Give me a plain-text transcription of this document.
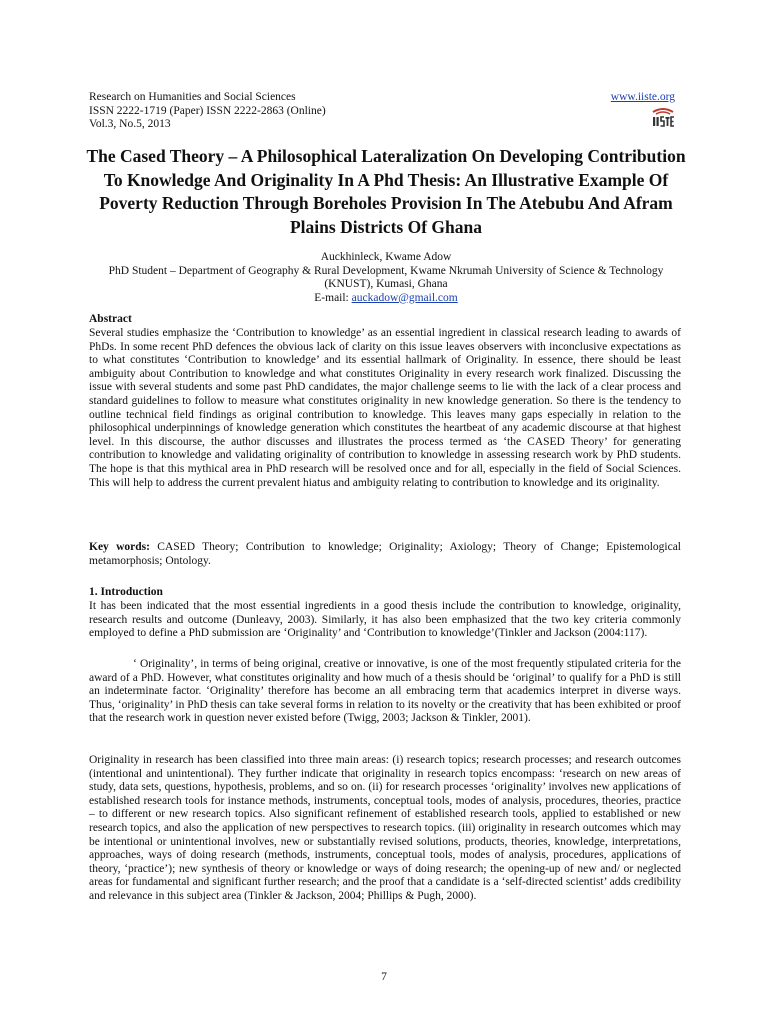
Research on Humanities and Social Sciences
ISSN 2222-1719 (Paper) ISSN 2222-2863 (Online)
Vol.3, No.5, 2013
www.iiste.org
The Cased Theory – A Philosophical Lateralization On Developing Contribution To Knowledge And Originality In A Phd Thesis: An Illustrative Example Of Poverty Reduction Through Boreholes Provision In The Atebubu And Afram Plains Districts Of Ghana
Auckhinleck, Kwame Adow
PhD Student – Department of Geography & Rural Development, Kwame Nkrumah University of Science & Technology (KNUST), Kumasi, Ghana
E-mail: auckadow@gmail.com
Abstract
Several studies emphasize the ‘Contribution to knowledge’ as an essential ingredient in classical research leading to awards of PhDs. In some recent PhD defences the obvious lack of clarity on this issue leaves observers with inconclusive expectations as to what constitutes ‘Contribution to knowledge’ and its essential hallmark of Originality. In essence, there should be least ambiguity about Contribution to knowledge and what constitutes Originality in every research work finalized. Discussing the issue with several students and some past PhD candidates, the major challenge seems to lie with the lack of a clear process and standard guidelines to follow to measure what constitutes originality in new knowledge generation. So there is the tendency to outline technical field findings as original contribution to knowledge. This leaves many gaps especially in relation to the philosophical underpinnings of knowledge generation which constitutes the heartbeat of any academic discourse at that highest level. In this discourse, the author discusses and illustrates the process termed as ‘the CASED Theory’ for generating contribution to knowledge and validating originality of contribution to knowledge in assessing research work by PhD students. The hope is that this mythical area in PhD research will be resolved once and for all, especially in the field of Social Sciences. This will help to address the current prevalent hiatus and ambiguity relating to contribution to knowledge and its originality.
Key words: CASED Theory; Contribution to knowledge; Originality; Axiology; Theory of Change; Epistemological metamorphosis; Ontology.
1. Introduction
It has been indicated that the most essential ingredients in a good thesis include the contribution to knowledge, originality, research results and outcome (Dunleavy, 2003). Similarly, it has also been emphasized that the two key criteria commonly employed to define a PhD submission are ‘Originality’ and ‘Contribution to knowledge’(Tinkler and Jackson (2004:117).
‘ Originality’, in terms of being original, creative or innovative, is one of the most frequently stipulated criteria for the award of a PhD. However, what constitutes originality and how much of a thesis should be ‘original’ to qualify for a PhD is still an indeterminate factor. ‘Originality’ therefore has become an all embracing term that academics interpret in diverse ways. Thus, ‘originality’ in PhD thesis can take several forms in relation to its novelty or the creativity that has been exhibited or proof that the research work in question never existed before (Twigg, 2003; Jackson & Tinkler, 2001).
Originality in research has been classified into three main areas: (i) research topics; research processes; and research outcomes (intentional and unintentional). They further indicate that originality in research topics encompass: ‘research on new areas of study, data sets, questions, hypothesis, problems, and so on. (ii) for research processes ‘originality’ involves new applications of established research tools for instance methods, instruments, conceptual tools, modes of analysis, procedures, theories, practice – to different or new research topics. Also significant refinement of established research tools, applied to established or new research topics, and also the application of new perspectives to research topics. (iii) originality in research outcomes which may be intentional or unintentional involves, new or substantially revised solutions, products, theories, knowledge, interpretations, approaches, ways of doing research (methods, instruments, conceptual tools, modes of analysis, procedures, applications of theory, ‘practice’); new synthesis of theory or knowledge or ways of doing research; the opening-up of new and/ or neglected areas for fundamental and significant further research; and the proof that a candidate is a ‘self-directed scientist’ adds credibility and relevance in this subject area (Tinkler & Jackson, 2004; Phillips & Pugh, 2000).
7
